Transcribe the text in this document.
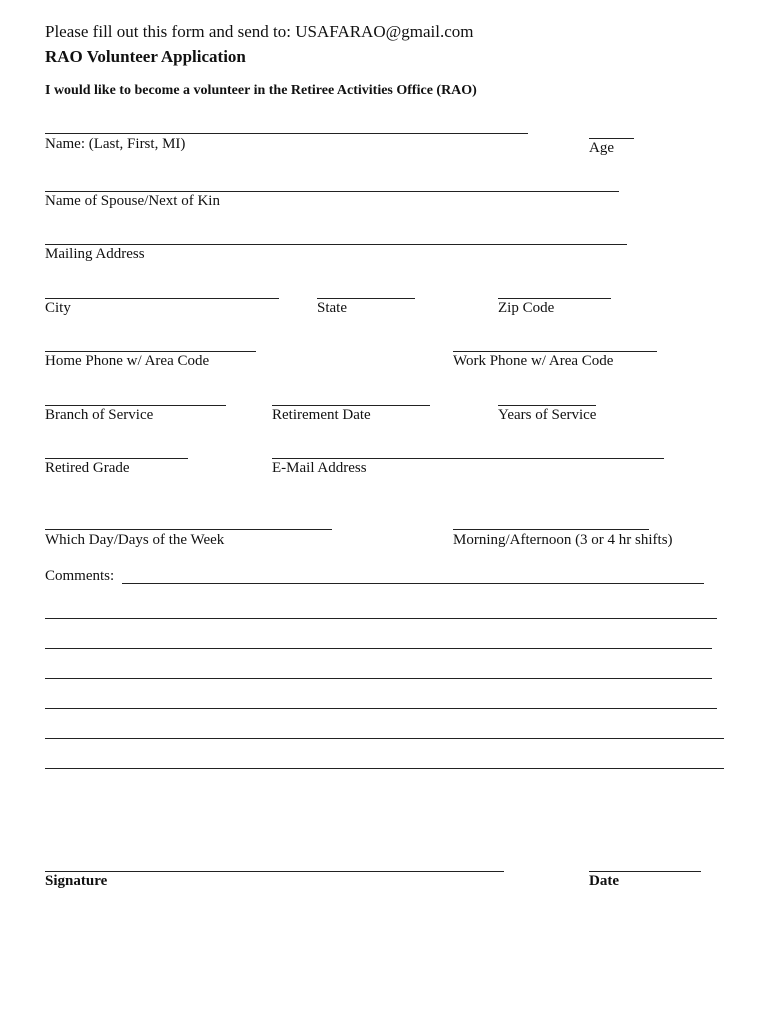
Please fill out this form and send to: USAFARAO@gmail.com
RAO Volunteer Application
I would like to become a volunteer in the Retiree Activities Office (RAO)
Name: (Last, First, MI)	Age
Name of Spouse/Next of Kin
Mailing Address
City	State	Zip Code
Home Phone w/ Area Code	Work Phone w/ Area Code
Branch of Service	Retirement Date	Years of Service
Retired Grade	E-Mail Address
Which Day/Days of the Week	Morning/Afternoon (3 or 4 hr shifts)
Comments:
Signature	Date
